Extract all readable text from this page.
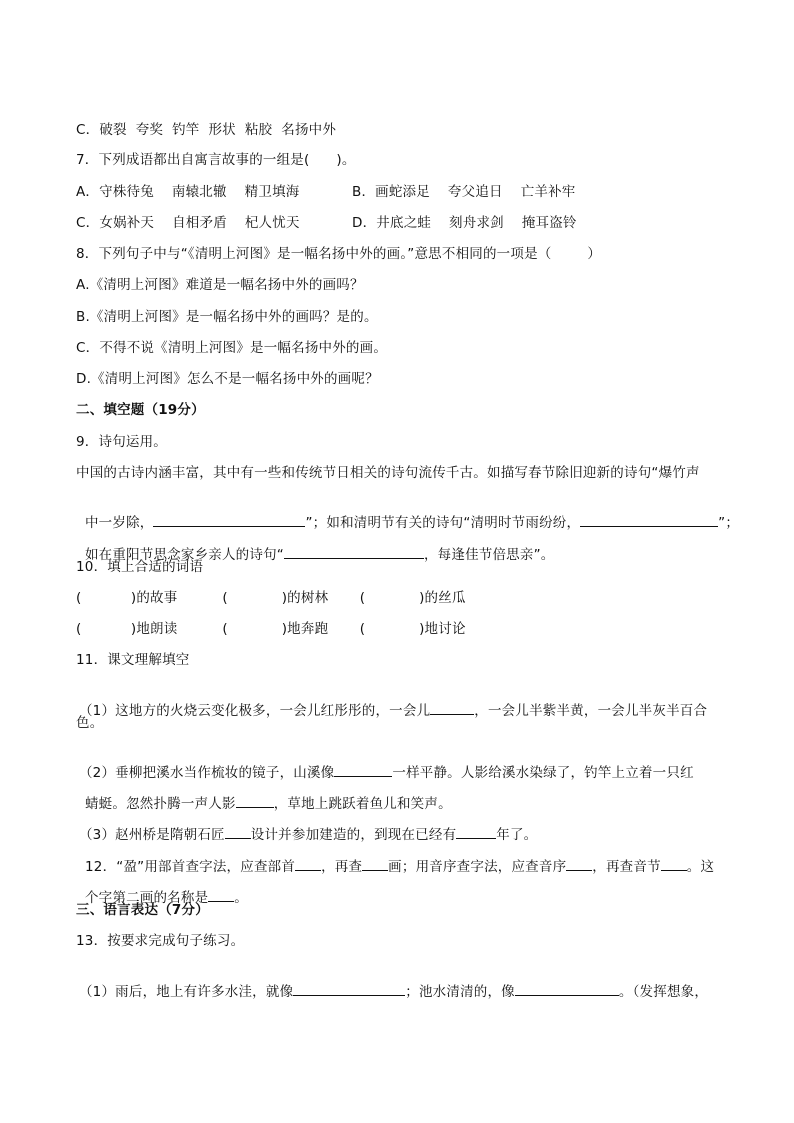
C．破裂  夸奖  钓竿  形状  粘胶  名扬中外
7．下列成语都出自寓言故事的一组是(      )。
A．守株待兔    南辕北辙    精卫填海	B．画蛇添足    夸父追日    亡羊补牢
C．女娲补天    自相矛盾    杞人忧天	D．井底之蛙    刻舟求剑    掩耳盗铃
8．下列句子中与“《清明上河图》是一幅名扬中外的画。”意思不相同的一项是（        ）
A.《清明上河图》难道是一幅名扬中外的画吗？
B.《清明上河图》是一幅名扬中外的画吗？是的。
C．不得不说《清明上河图》是一幅名扬中外的画。
D.《清明上河图》怎么不是一幅名扬中外的画呢？
二、填空题（19分）
9．诗句运用。
中国的古诗内涵丰富，其中有一些和传统节日相关的诗句流传千古。如描写春节除旧迎新的诗句“爆竹声

中一岁除，	”；如和清明节有关的诗句“清明时节雨纷纷，	”；

如在重阳节思念家乡亲人的诗句“	，每逢佳节倍思亲”。

10．填上合适的词语
(           )的故事          (            )的树林       (            )的丝瓜
(           )地朗读          (            )地奔跑       (            )地讨论
11．课文理解填空

（1）这地方的火烧云变化极多，一会儿红彤彤的，一会儿	，一会儿半紫半黄，一会儿半灰半百合

色。

（2）垂柳把溪水当作梳妆的镜子，山溪像	一样平静。人影给溪水染绿了，钓竿上立着一只红

蜻蜓。忽然扑腾一声人影	，草地上跳跃着鱼儿和笑声。

（3）赵州桥是隋朝石匠 设计并参加建造的，到现在已经有	年了。

12．“盈”用部首查字法，应查部首 ，再查 画；用音序查字法，应查音序 ，再查音节 。这

个字第二画的名称是 。

三、语言表达（7分）
13．按要求完成句子练习。

（1）雨后，地上有许多水洼，就像	；池水清清的，像	。（发挥想象，
